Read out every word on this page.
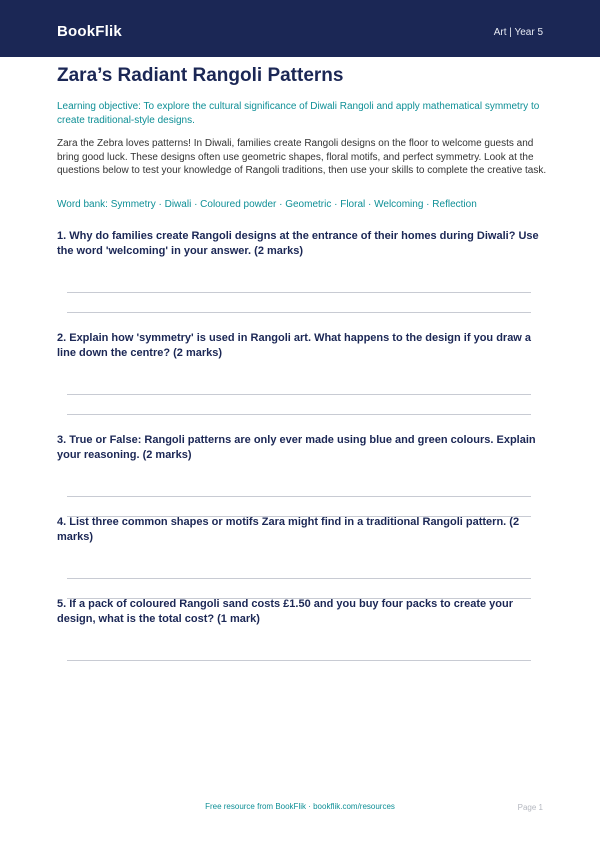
BookFlik	Art | Year 5
Zara’s Radiant Rangoli Patterns
Learning objective: To explore the cultural significance of Diwali Rangoli and apply mathematical symmetry to create traditional-style designs.
Zara the Zebra loves patterns! In Diwali, families create Rangoli designs on the floor to welcome guests and bring good luck. These designs often use geometric shapes, floral motifs, and perfect symmetry. Look at the questions below to test your knowledge of Rangoli traditions, then use your skills to complete the creative task.
Word bank: Symmetry · Diwali · Coloured powder · Geometric · Floral · Welcoming · Reflection
1. Why do families create Rangoli designs at the entrance of their homes during Diwali? Use the word 'welcoming' in your answer. (2 marks)
2. Explain how 'symmetry' is used in Rangoli art. What happens to the design if you draw a line down the centre? (2 marks)
3. True or False: Rangoli patterns are only ever made using blue and green colours. Explain your reasoning. (2 marks)
4. List three common shapes or motifs Zara might find in a traditional Rangoli pattern. (2 marks)
5. If a pack of coloured Rangoli sand costs £1.50 and you buy four packs to create your design, what is the total cost? (1 mark)
Free resource from BookFlik · bookflik.com/resources	Page 1
